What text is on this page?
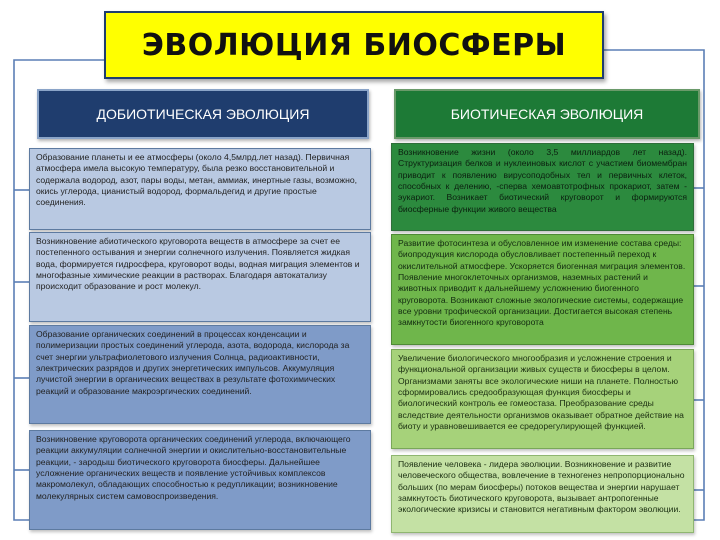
ЭВОЛЮЦИЯ БИОСФЕРЫ
ДОБИОТИЧЕСКАЯ ЭВОЛЮЦИЯ	БИОТИЧЕСКАЯ ЭВОЛЮЦИЯ
Образование планеты и ее атмосферы (около 4,5млрд.лет назад). Первичная атмосфера имела высокую температуру, была резко восстановительной и содержала водород, азот, пары воды, метан, аммиак, инертные газы, возможно, окись углерода, цианистый водород, формальдегид и другие простые соединения.
Возникновение абиотического круговорота веществ в атмосфере за счет ее постепенного остывания и энергии солнечного излучения. Появляется жидкая вода, формируется гидросфера, круговорот воды, водная миграция элементов и многофазные химические реакции в растворах. Благодаря автокатализу происходит образование и рост молекул.
Образование органических соединений в процессах конденсации и полимеризации простых соединений углерода, азота, водорода, кислорода за счет энергии ультрафиолетового излучения Солнца, радиоактивности, электрических разрядов и других энергетических импульсов. Аккумуляция лучистой энергии в органических веществах в результате фотохимических реакций и образование макроэргических соединений.
Возникновение круговорота органических соединений углерода, включающего реакции аккумуляции солнечной энергии и окислительно-восстановительные реакции, - зародыш биотического круговорота биосферы. Дальнейшее усложнение органических веществ и появление устойчивых комплексов макромолекул, обладающих способностью к редупликации; возникновение молекулярных систем самовоспроизведения.
Возникновение жизни (около 3,5 миллиардов лет назад). Структуризация белков и нуклеиновых кислот с участием биомембран приводит к появлению вирусоподобных тел и первичных клеток, способных к делению, -сперва хемоавтотрофных прокариот, затем - эукариот. Возникает биотический круговорот и формируются биосферные функции живого вещества
Развитие фотосинтеза и обусловленное им изменение состава среды: биопродукция кислорода обусловливает постепенный переход к окислительной атмосфере. Ускоряется биогенная миграция элементов. Появление многоклеточных организмов, наземных растений и животных приводит к дальнейшему усложнению биогенного круговорота. Возникают сложные экологические системы, содержащие все уровни трофической организации. Достигается высокая степень замкнутости биогенного круговорота
Увеличение биологического многообразия и усложнение строения и функциональной организации живых существ и биосферы в целом. Организмами заняты все экологические ниши на планете. Полностью сформировались средообразующая функция биосферы и биологический контроль ее гомеостаза. Преобразование среды вследствие деятельности организмов оказывает обратное действие на биоту и уравновешивается ее средорегулирующей функцией.
Появление человека - лидера эволюции. Возникновение и развитие человеческого общества, вовлечение в техногенез непропорционально больших (по мерам биосферы) потоков вещества и энергии нарушает замкнутость биотического круговорота, вызывает антропогенные экологические кризисы и становится негативным фактором эволюции.
